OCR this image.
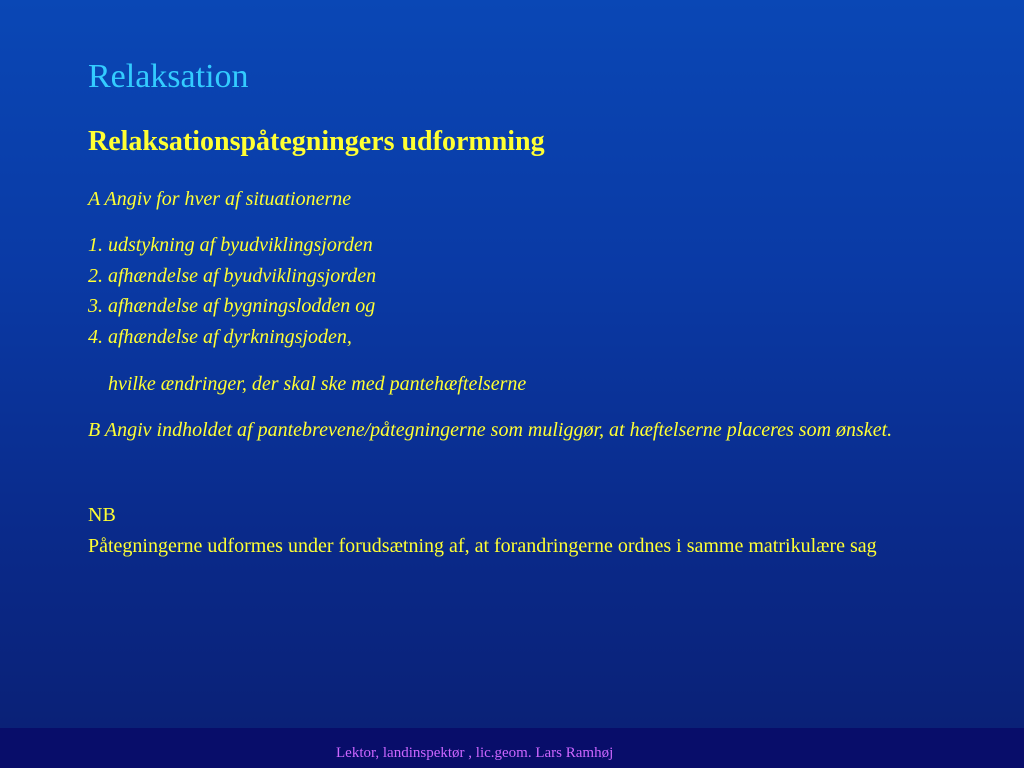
Relaksation
Relaksationspåtegningers udformning
A Angiv for hver af situationerne
1. udstykning af byudviklingsjorden
2. afhændelse af byudviklingsjorden
3. afhændelse af bygningslodden og
4. afhændelse af dyrkningsjoden,
hvilke ændringer, der skal ske med pantehæftelserne
B Angiv indholdet af pantebrevene/påtegningerne som muliggør, at hæftelserne placeres som ønsket.
NB
Påtegningerne udformes under forudsætning af, at forandringerne ordnes i samme matrikulære sag
Lektor, landinspektør , lic.geom. Lars Ramhøj
